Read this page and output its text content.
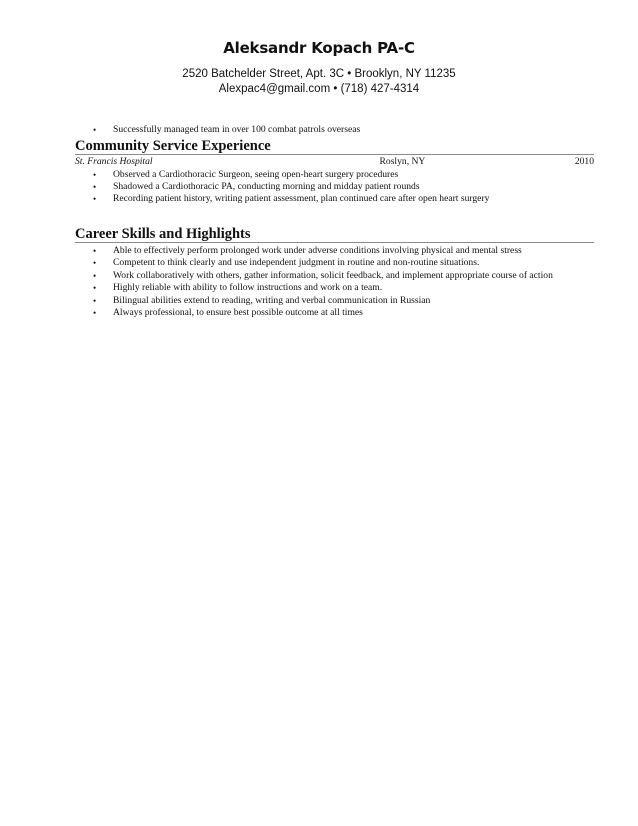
Aleksandr Kopach PA-C
2520 Batchelder Street, Apt. 3C • Brooklyn, NY 11235
Alexpac4@gmail.com • (718) 427-4314
• Successfully managed team in over 100 combat patrols overseas
Community Service Experience
St. Francis Hospital	Roslyn, NY	2010
• Observed a Cardiothoracic Surgeon, seeing open-heart surgery procedures
• Shadowed a Cardiothoracic PA, conducting morning and midday patient rounds
• Recording patient history, writing patient assessment, plan continued care after open heart surgery
Career Skills and Highlights
• Able to effectively perform prolonged work under adverse conditions involving physical and mental stress
• Competent to think clearly and use independent judgment in routine and non-routine situations.
• Work collaboratively with others, gather information, solicit feedback, and implement appropriate course of action
• Highly reliable with ability to follow instructions and work on a team.
• Bilingual abilities extend to reading, writing and verbal communication in Russian
• Always professional, to ensure best possible outcome at all times
